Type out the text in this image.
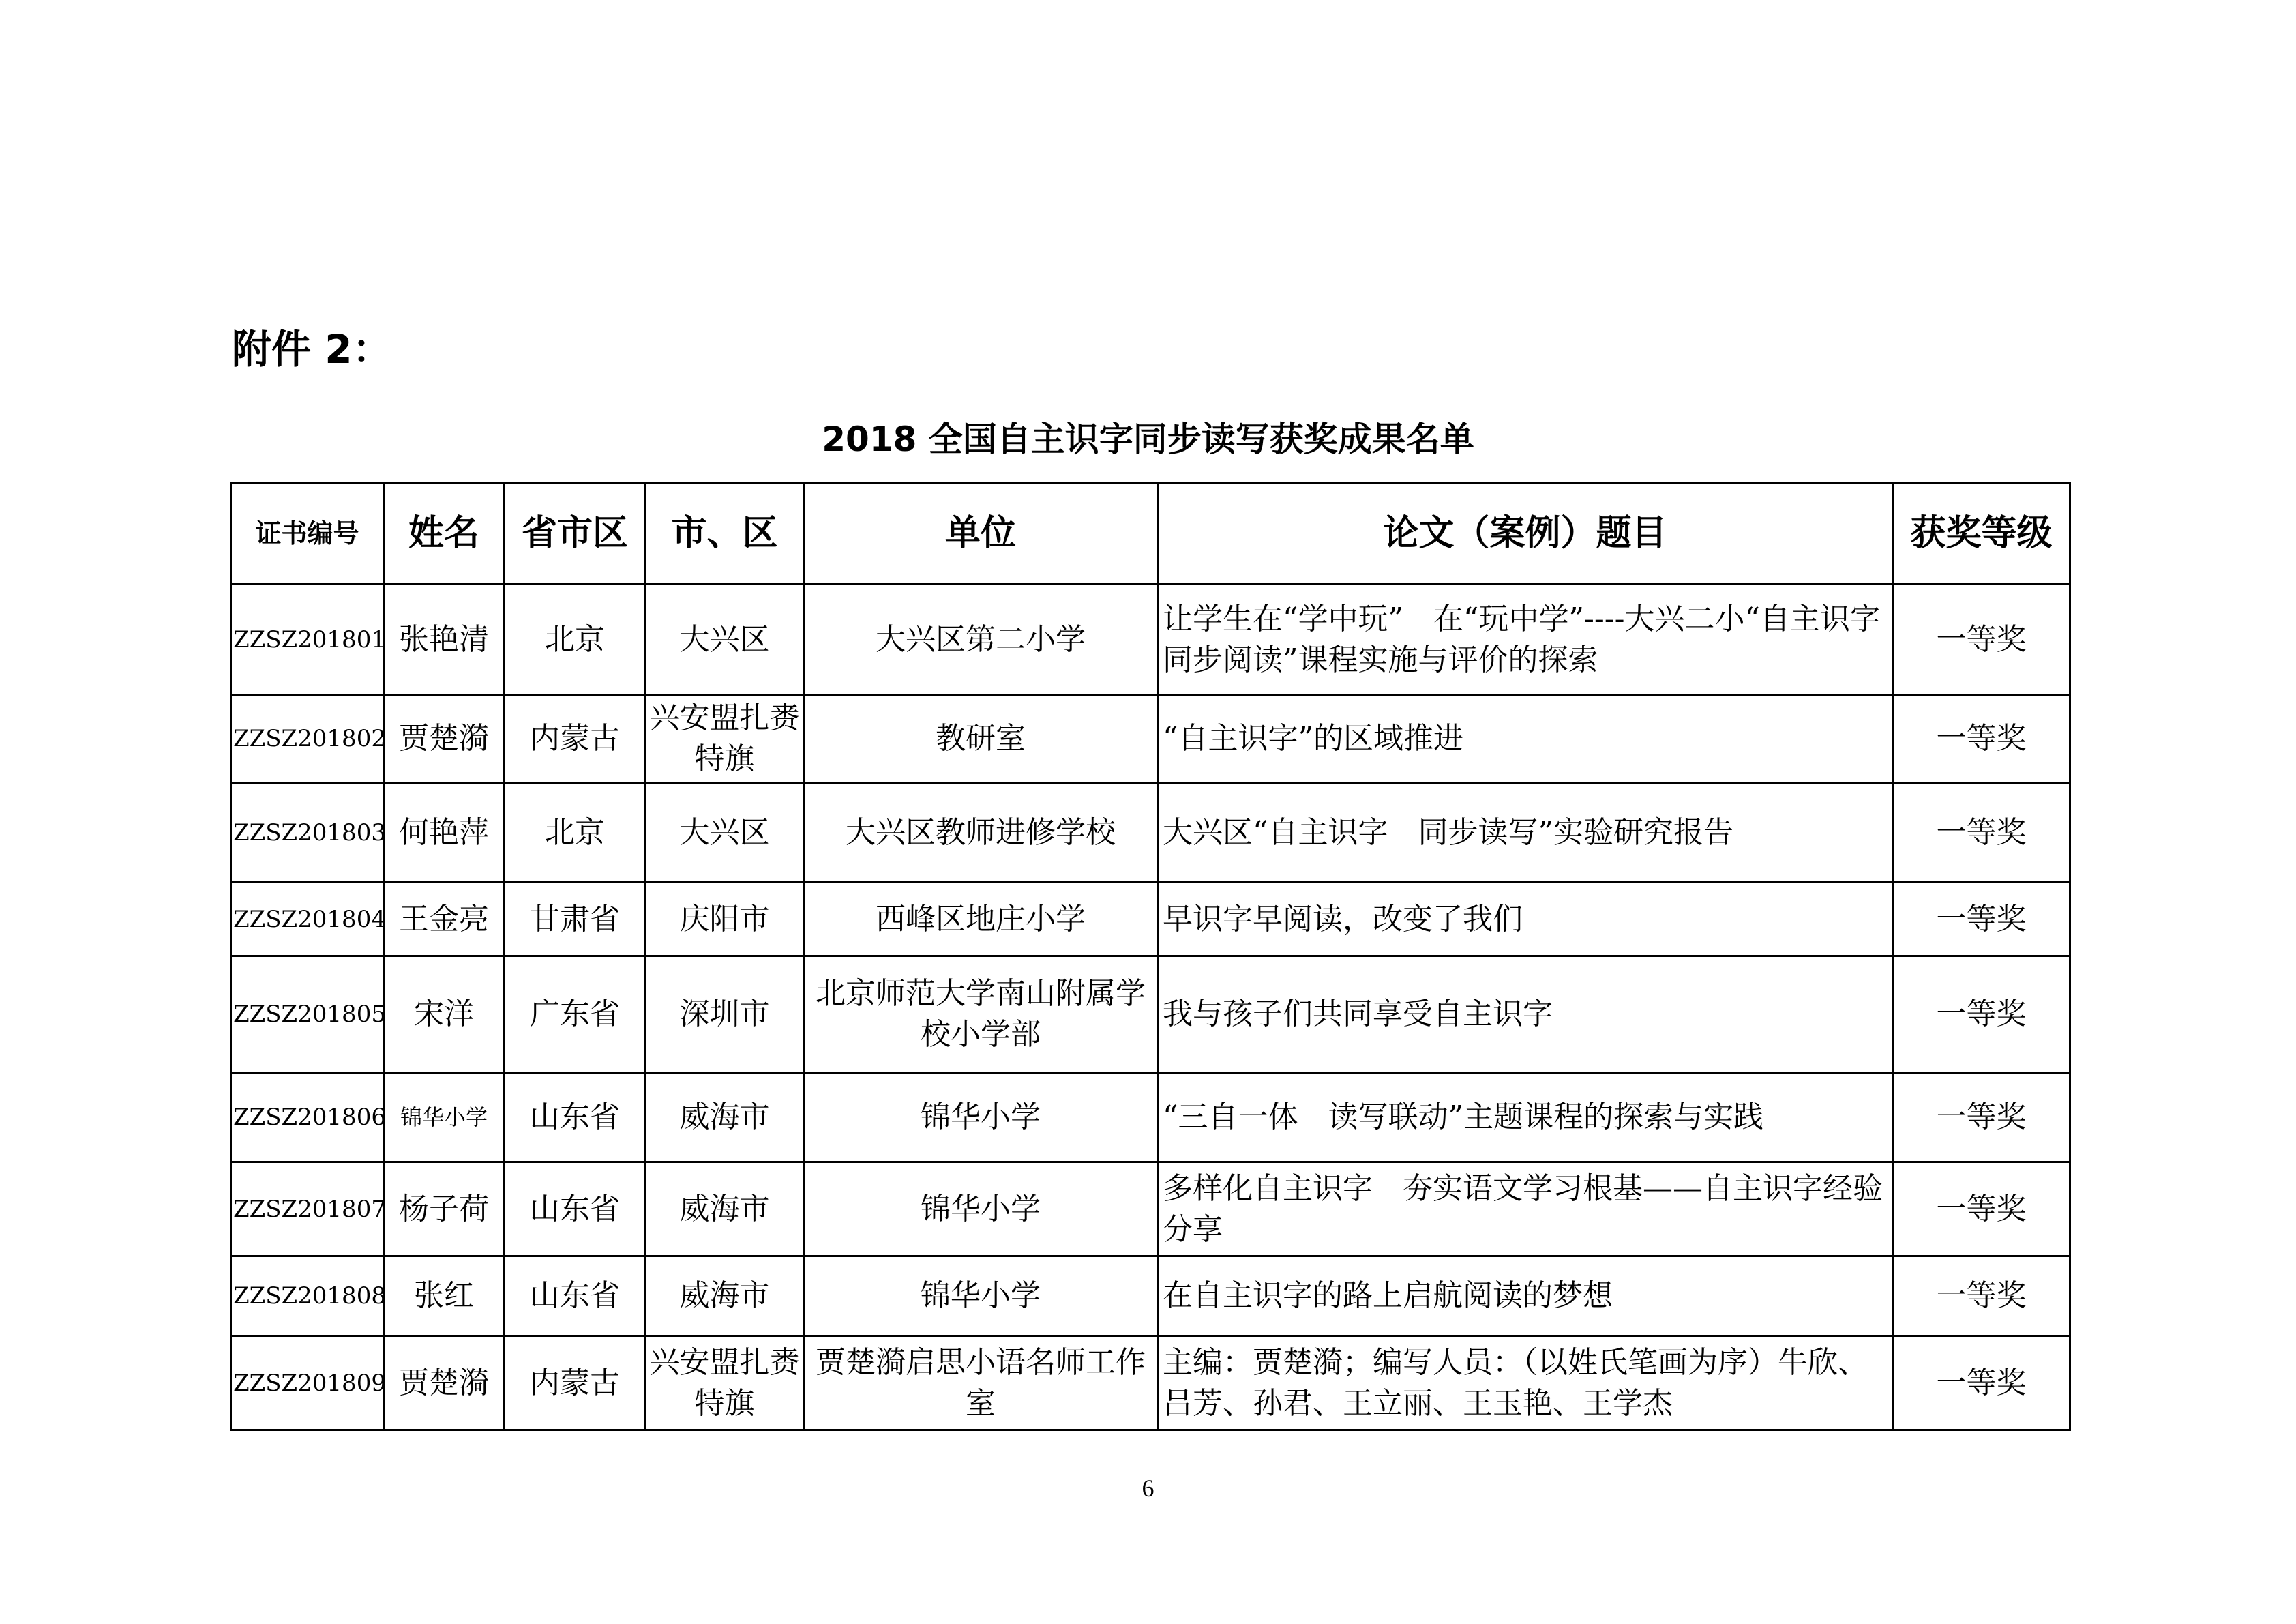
附件 2：
2018 全国自主识字同步读写获奖成果名单
证书编号	姓名	省市区	市、区	单位	论文（案例）题目	获奖等级
ZZSZ201801	张艳清	北京	大兴区	大兴区第二小学	让学生在“学中玩”　在“玩中学”----大兴二小“自主识字　同步阅读”课程实施与评价的探索	一等奖
ZZSZ201802	贾楚漪	内蒙古	兴安盟扎赉特旗	教研室	“自主识字”的区域推进	一等奖
ZZSZ201803	何艳萍	北京	大兴区	大兴区教师进修学校	大兴区“自主识字　同步读写”实验研究报告	一等奖
ZZSZ201804	王金亮	甘肃省	庆阳市	西峰区地庄小学	早识字早阅读，改变了我们	一等奖
ZZSZ201805	宋洋	广东省	深圳市	北京师范大学南山附属学校小学部	我与孩子们共同享受自主识字	一等奖
ZZSZ201806	锦华小学	山东省	威海市	锦华小学	“三自一体　读写联动”主题课程的探索与实践	一等奖
ZZSZ201807	杨子荷	山东省	威海市	锦华小学	多样化自主识字　夯实语文学习根基——自主识字经验分享	一等奖
ZZSZ201808	张红	山东省	威海市	锦华小学	在自主识字的路上启航阅读的梦想	一等奖
ZZSZ201809	贾楚漪	内蒙古	兴安盟扎赉特旗	贾楚漪启思小语名师工作室	主编：贾楚漪；编写人员：（以姓氏笔画为序）牛欣、吕芳、孙君、王立丽、王玉艳、王学杰	一等奖
6
